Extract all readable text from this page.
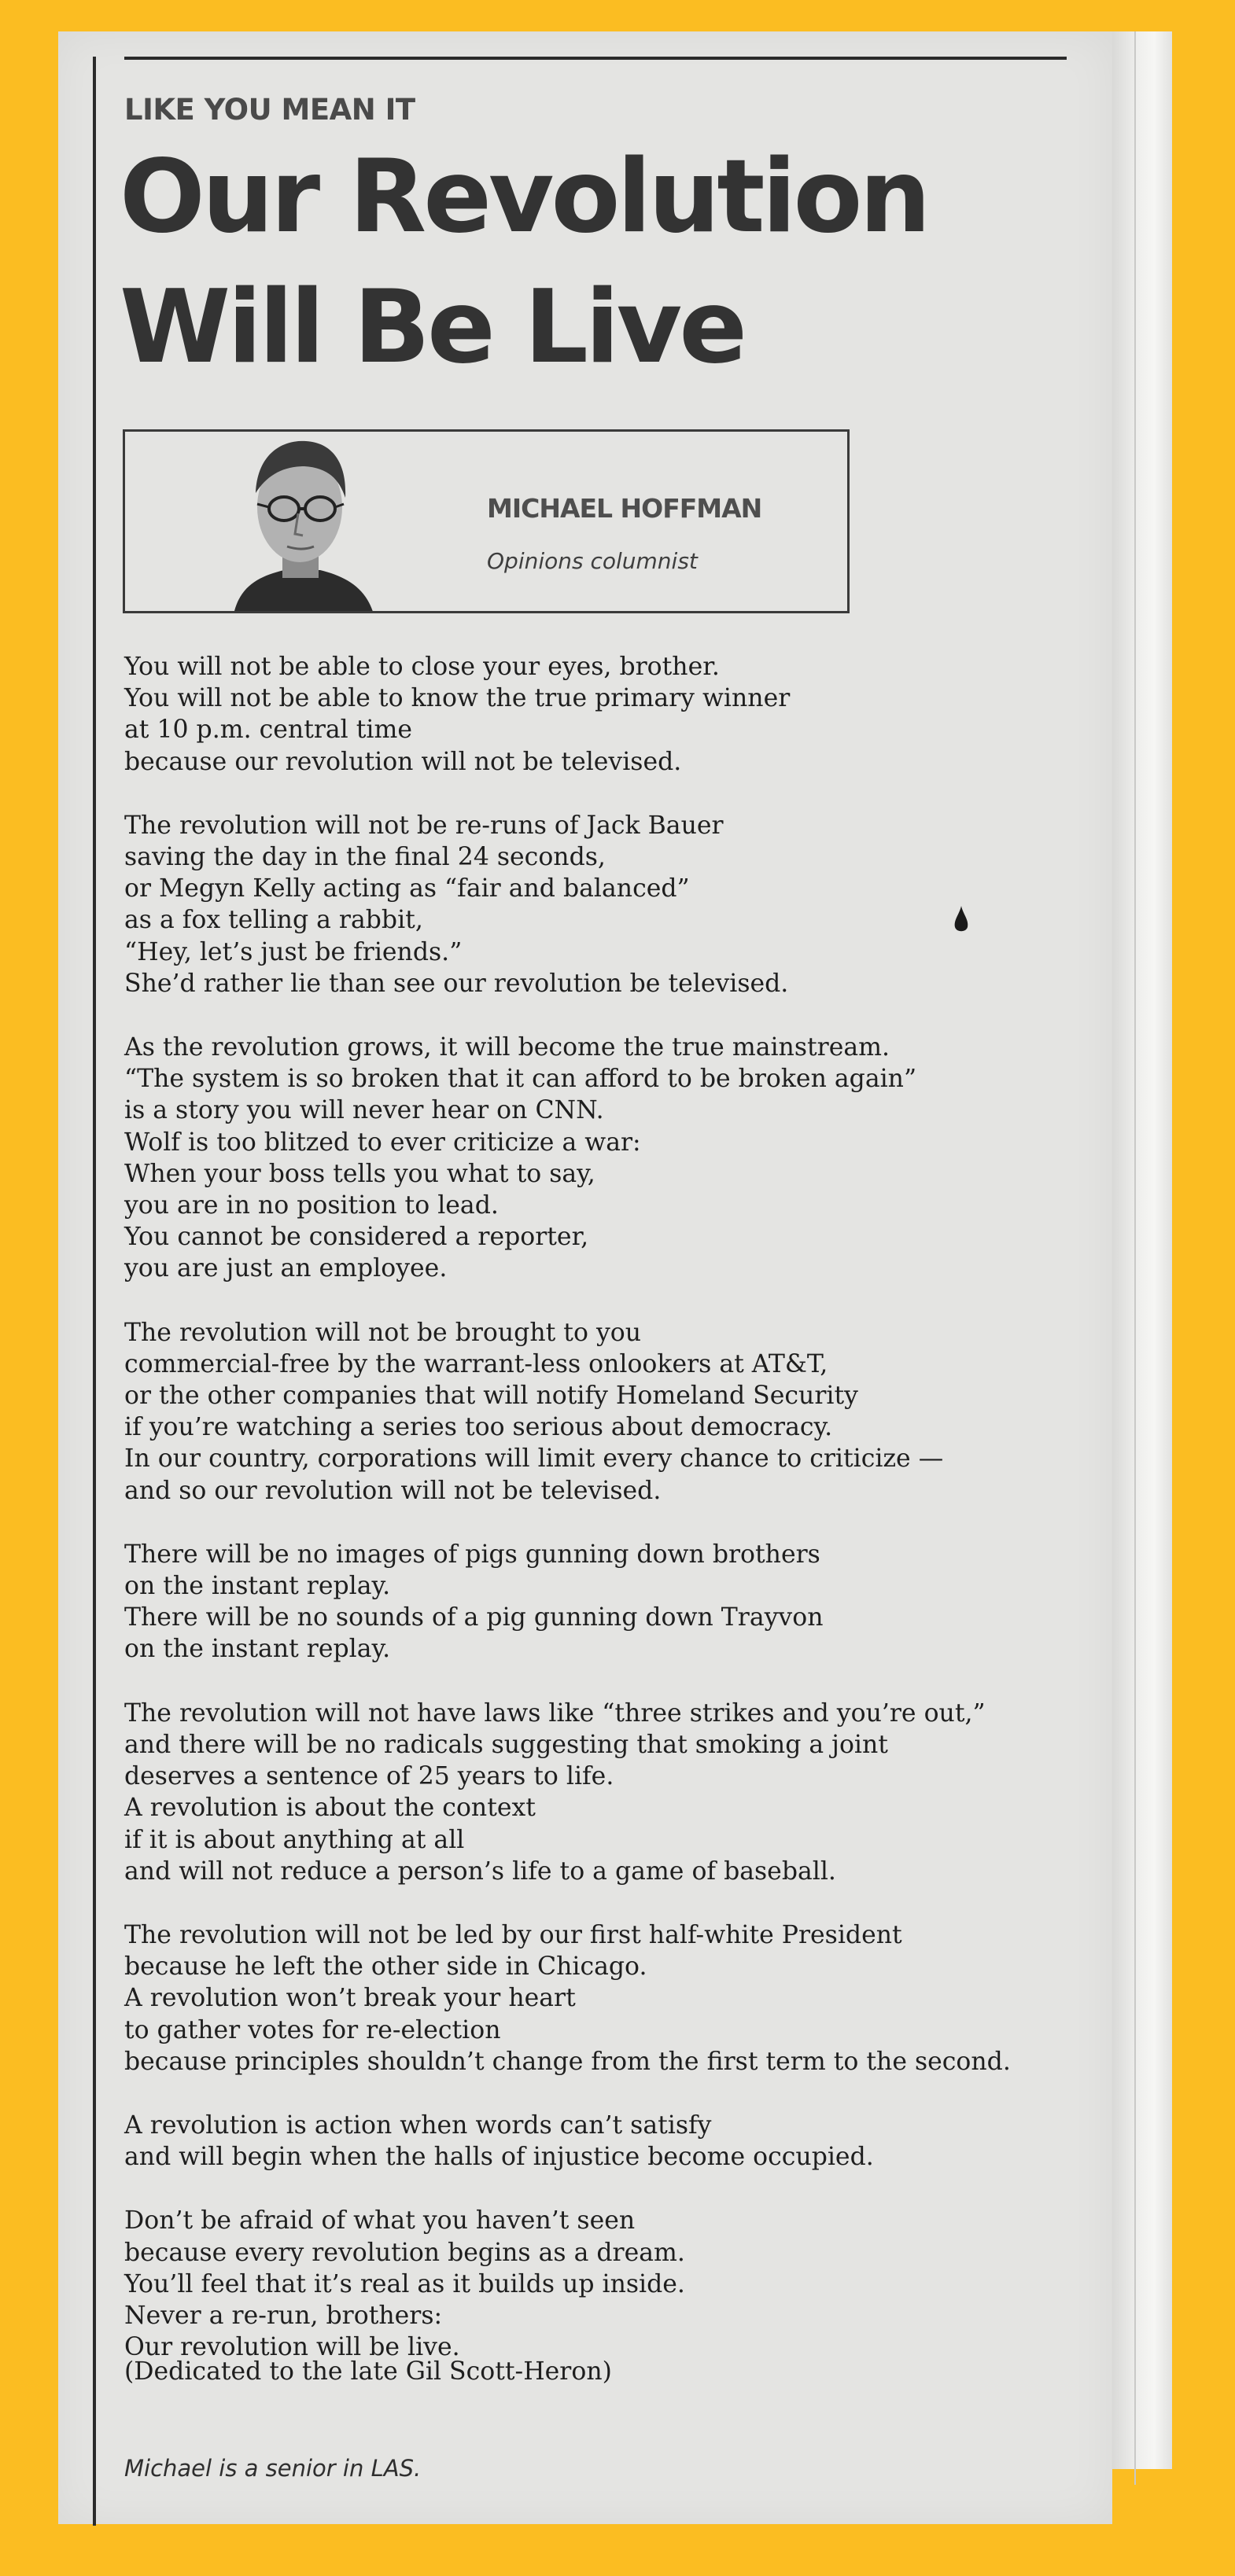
LIKE YOU MEAN IT

Our Revolution
Will Be Live
MICHAEL HOFFMAN
Opinions columnist

You will not be able to close your eyes, brother.
You will not be able to know the true primary winner
at 10 p.m. central time
because our revolution will not be televised.

The revolution will not be re-runs of Jack Bauer
saving the day in the final 24 seconds,
or Megyn Kelly acting as “fair and balanced”
as a fox telling a rabbit,
“Hey, let’s just be friends.”
She’d rather lie than see our revolution be televised.

As the revolution grows, it will become the true mainstream.
“The system is so broken that it can afford to be broken again”
is a story you will never hear on CNN.
Wolf is too blitzed to ever criticize a war:
When your boss tells you what to say,
you are in no position to lead.
You cannot be considered a reporter,
you are just an employee.

The revolution will not be brought to you
commercial-free by the warrant-less onlookers at AT&T,
or the other companies that will notify Homeland Security
if you’re watching a series too serious about democracy.
In our country, corporations will limit every chance to criticize —
and so our revolution will not be televised.

There will be no images of pigs gunning down brothers
on the instant replay.
There will be no sounds of a pig gunning down Trayvon
on the instant replay.

The revolution will not have laws like “three strikes and you’re out,”
and there will be no radicals suggesting that smoking a joint
deserves a sentence of 25 years to life.
A revolution is about the context
if it is about anything at all
and will not reduce a person’s life to a game of baseball.

The revolution will not be led by our first half-white President
because he left the other side in Chicago.
A revolution won’t break your heart
to gather votes for re-election
because principles shouldn’t change from the first term to the second.

A revolution is action when words can’t satisfy
and will begin when the halls of injustice become occupied.

Don’t be afraid of what you haven’t seen
because every revolution begins as a dream.
You’ll feel that it’s real as it builds up inside.
Never a re-run, brothers:
Our revolution will be live.

(Dedicated to the late Gil Scott-Heron)
Michael is a senior in LAS.
